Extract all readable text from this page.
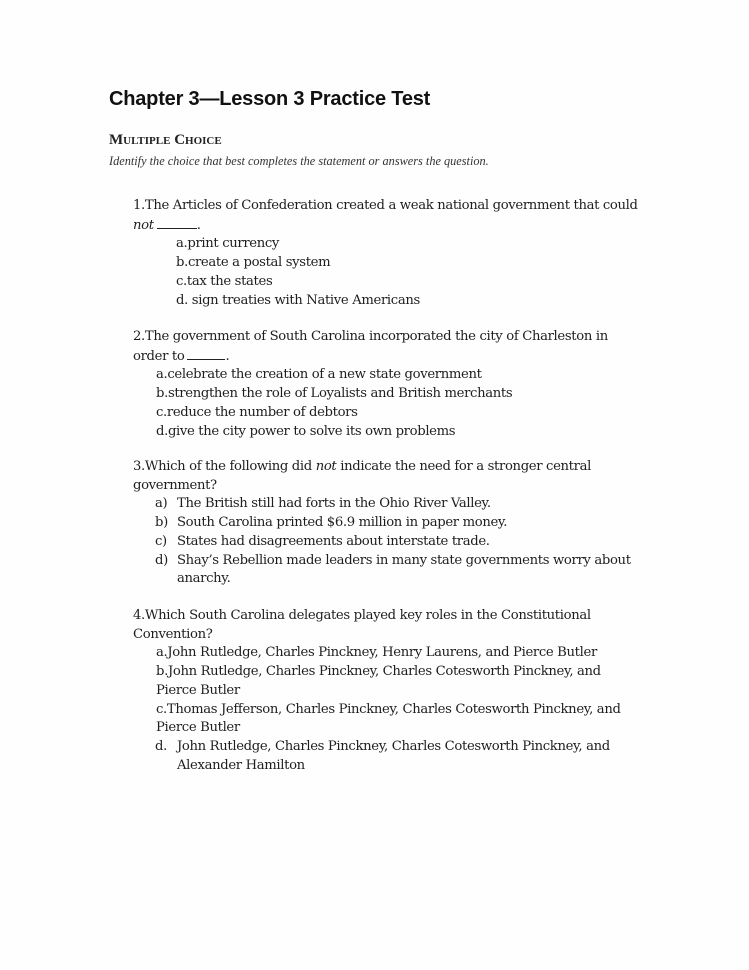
Chapter 3—Lesson 3 Practice Test
Multiple Choice
Identify the choice that best completes the statement or answers the question.

1.The Articles of Confederation created a weak national government that could not	.

a.print currency
b.create a postal system
c.tax the states
d. sign treaties with Native Americans

2.The government of South Carolina incorporated the city of Charleston in order to	.

a.celebrate the creation of a new state government
b.strengthen the role of Loyalists and British merchants
c.reduce the number of debtors
d.give the city power to solve its own problems

3.Which of the following did not indicate the need for a stronger central government?

a) The British still had forts in the Ohio River Valley.
b) South Carolina printed $6.9 million in paper money.
c) States had disagreements about interstate trade.
d) Shay’s Rebellion made leaders in many state governments worry about anarchy.

4.Which South Carolina delegates played key roles in the Constitutional Convention?

a.John Rutledge, Charles Pinckney, Henry Laurens, and Pierce Butler
b.John Rutledge, Charles Pinckney, Charles Cotesworth Pinckney, and Pierce Butler
c.Thomas Jefferson, Charles Pinckney, Charles Cotesworth Pinckney, and Pierce Butler
d. John Rutledge, Charles Pinckney, Charles Cotesworth Pinckney, and Alexander Hamilton
